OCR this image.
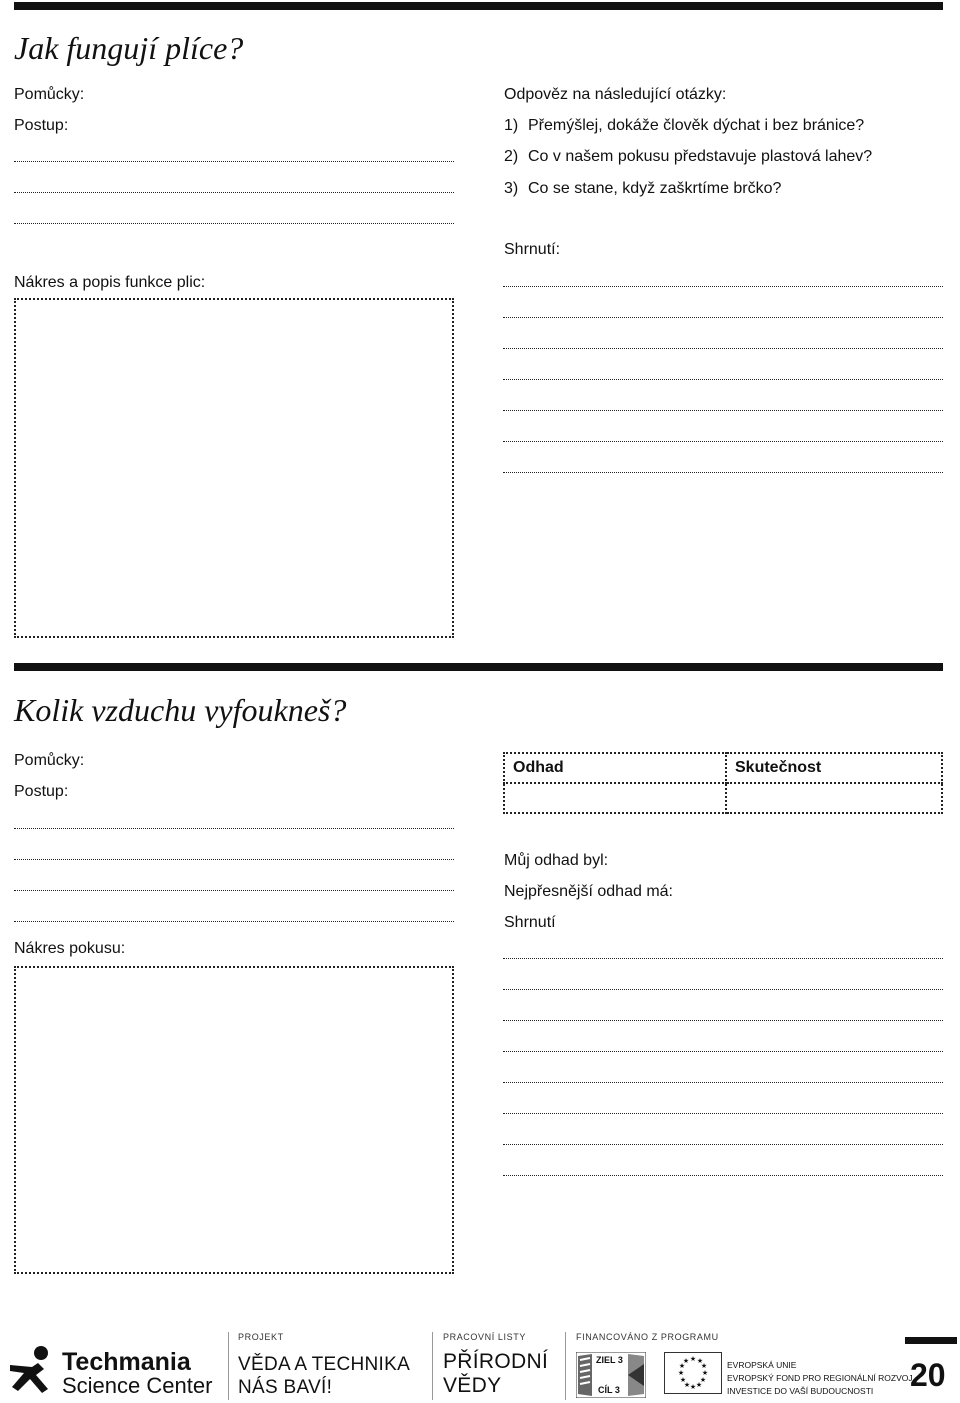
Jak fungují plíce?
Pomůcky:
Postup:
Nákres a popis funkce plic:
Odpověz na následující otázky:
1) Přemýšlej, dokáže člověk dýchat i bez bránice?
2) Co v našem pokusu představuje plastová lahev?
3) Co se stane, když zaškrtíme brčko?
Shrnutí:
Kolik vzduchu vyfoukneš?
Pomůcky:
Postup:
Nákres pokusu:
Odhad	Skutečnost

Můj odhad byl:
Nejpřesnější odhad má:
Shrnutí
Techmania
Science Center
PROJEKT
VĚDA A TECHNIKA
NÁS BAVÍ!
PRACOVNÍ LISTY
PŘÍRODNÍ
VĚDY
FINANCOVÁNO Z PROGRAMU
ZIEL 3
CÍL 3
★ ★
★
★
★
★
★
★
★
★
★
★	EVROPSKÁ UNIE
EVROPSKÝ FOND PRO REGIONÁLNÍ ROZVOJ
INVESTICE DO VAŠÍ BUDOUCNOSTI 20
